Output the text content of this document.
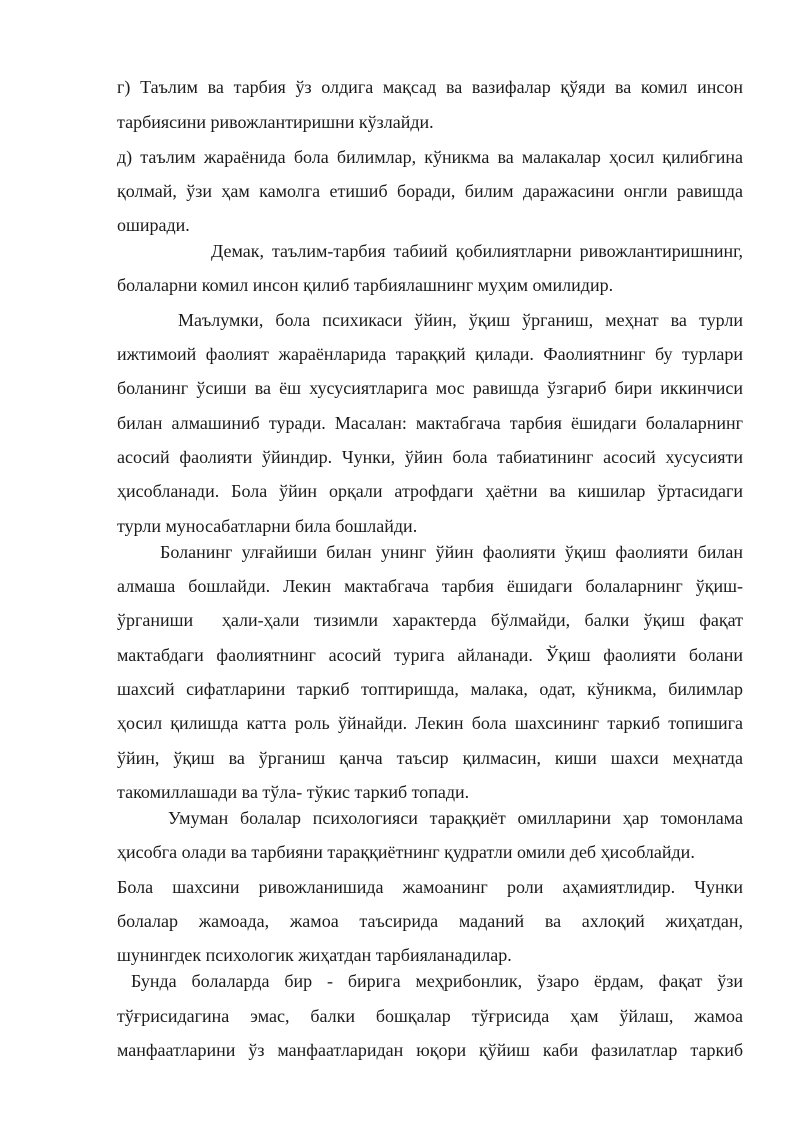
г) Таълим ва тарбия ўз олдига мақсад ва вазифалар қўяди ва комил инсон

тарбиясини ривожлантиришни кўзлайди.

д) таълим жараёнида бола билимлар, кўникма ва малакалар ҳосил қилибгина

қолмай, ўзи ҳам камолга етишиб боради, билим даражасини онгли равишда

оширади.

Демак, таълим-тарбия табиий қобилиятларни ривожлантиришнинг,

болаларни комил инсон қилиб тарбиялашнинг муҳим омилидир.

Маълумки, бола психикаси ўйин, ўқиш ўрганиш, меҳнат ва турли

ижтимоий фаолият жараёнларида тараққий қилади. Фаолиятнинг бу турлари

боланинг ўсиши ва ёш хусусиятларига мос равишда ўзгариб бири иккинчиси

билан алмашиниб туради. Масалан: мактабгача тарбия ёшидаги болаларнинг

асосий фаолияти ўйиндир. Чунки, ўйин бола табиатининг асосий хусусияти

ҳисобланади. Бола ўйин орқали атрофдаги ҳаётни ва кишилар ўртасидаги

турли муносабатларни била бошлайди.

Боланинг улғайиши билан унинг ўйин фаолияти ўқиш фаолияти билан

алмаша бошлайди. Лекин мактабгача тарбия ёшидаги болаларнинг ўқиш-

ўрганиши  ҳали-ҳали тизимли характерда бўлмайди, балки ўқиш фақат

мактабдаги фаолиятнинг асосий турига айланади. Ўқиш фаолияти болани

шахсий сифатларини таркиб топтиришда, малака, одат, кўникма, билимлар

ҳосил қилишда катта роль ўйнайди. Лекин бола шахсининг таркиб топишига

ўйин, ўқиш ва ўрганиш қанча таъсир қилмасин, киши шахси меҳнатда

такомиллашади ва тўла- тўкис таркиб топади.

Умуман болалар психологияси тараққиёт омилларини ҳар томонлама

ҳисобга олади ва тарбияни тараққиётнинг қудратли омили деб ҳисоблайди.

Бола шахсини ривожланишида жамоанинг роли аҳамиятлидир. Чунки

болалар жамоада, жамоа таъсирида маданий ва ахлоқий жиҳатдан,

шунингдек психологик жиҳатдан тарбияланадилар.

Бунда болаларда бир - бирига меҳрибонлик, ўзаро ёрдам, фақат ўзи

тўғрисидагина эмас, балки бошқалар тўғрисида ҳам ўйлаш, жамоа

манфаатларини ўз манфаатларидан юқори қўйиш каби фазилатлар таркиб
